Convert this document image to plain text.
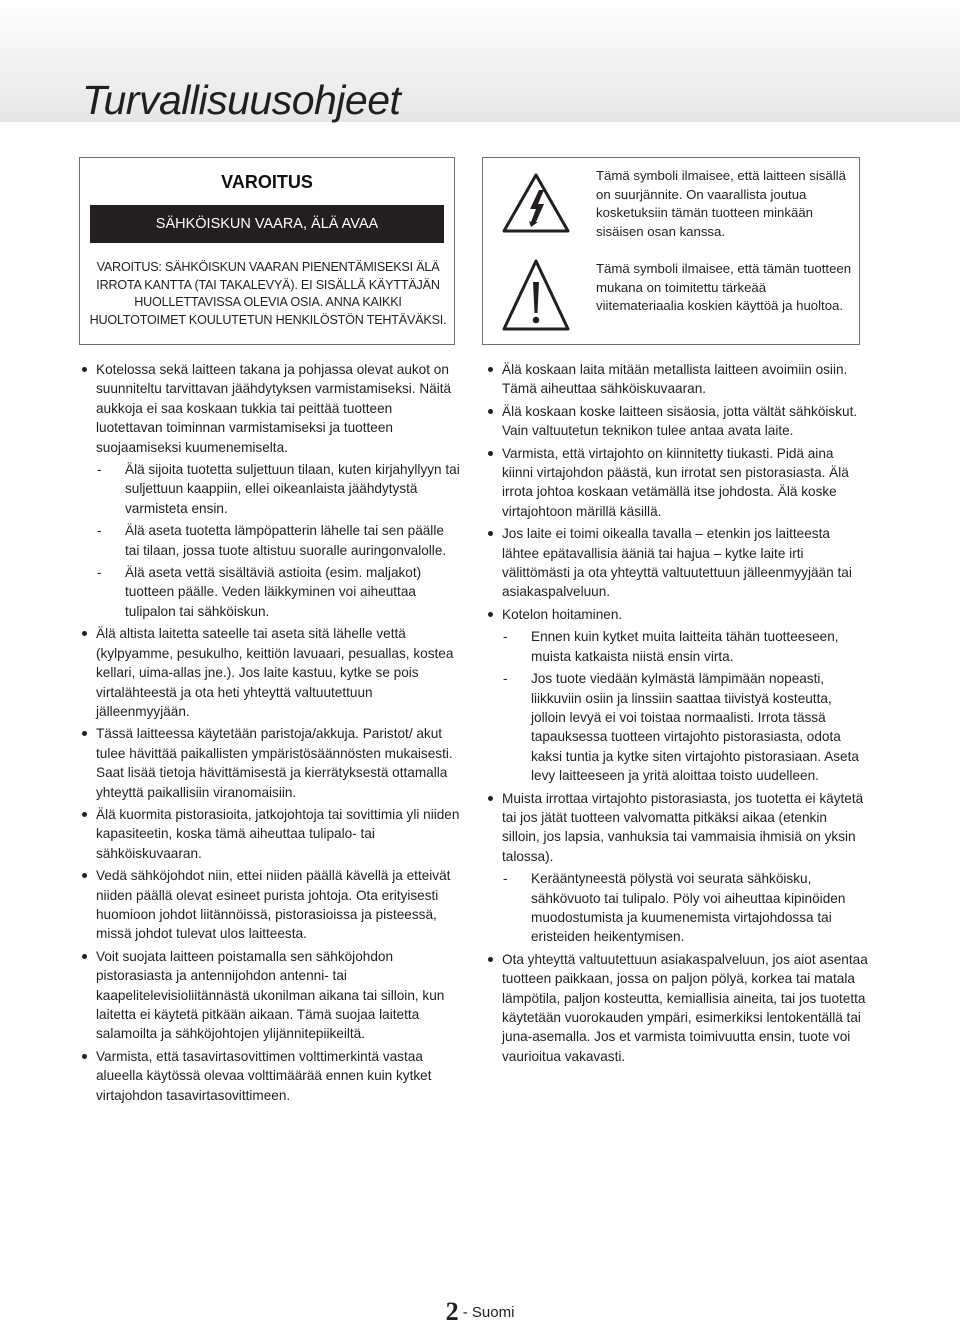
Turvallisuusohjeet
VAROITUS
SÄHKÖISKUN VAARA, ÄLÄ AVAA
VAROITUS: SÄHKÖISKUN VAARAN PIENENTÄMISEKSI ÄLÄ IRROTA KANTTA (TAI TAKALEVYÄ). EI SISÄLLÄ KÄYTTÄJÄN HUOLLETTAVISSA OLEVIA OSIA. ANNA KAIKKI HUOLTOTOIMET KOULUTETUN HENKILÖSTÖN TEHTÄVÄKSI.
Tämä symboli ilmaisee, että laitteen sisällä on suurjännite. On vaarallista joutua kosketuksiin tämän tuotteen minkään sisäisen osan kanssa.
Tämä symboli ilmaisee, että tämän tuotteen mukana on toimitettu tärkeää viitemateriaalia koskien käyttöä ja huoltoa.
Kotelossa sekä laitteen takana ja pohjassa olevat aukot on suunniteltu tarvittavan jäähdytyksen varmistamiseksi. Näitä aukkoja ei saa koskaan tukkia tai peittää tuotteen luotettavan toiminnan varmistamiseksi ja tuotteen suojaamiseksi kuumenemiselta.
- Älä sijoita tuotetta suljettuun tilaan, kuten kirjahyllyyn tai suljettuun kaappiin, ellei oikeanlaista jäähdytystä varmisteta ensin.
- Älä aseta tuotetta lämpöpatterin lähelle tai sen päälle tai tilaan, jossa tuote altistuu suoralle auringonvalolle.
- Älä aseta vettä sisältäviä astioita (esim. maljakot) tuotteen päälle. Veden läikkyminen voi aiheuttaa tulipalon tai sähköiskun.
Älä altista laitetta sateelle tai aseta sitä lähelle vettä (kylpyamme, pesukulho, keittiön lavuaari, pesuallas, kostea kellari, uima-allas jne.). Jos laite kastuu, kytke se pois virtalähteestä ja ota heti yhteyttä valtuutettuun jälleenmyyjään.
Tässä laitteessa käytetään paristoja/akkuja. Paristot/ akut tulee hävittää paikallisten ympäristösäännösten mukaisesti. Saat lisää tietoja hävittämisestä ja kierrätyksestä ottamalla yhteyttä paikallisiin viranomaisiin.
Älä kuormita pistorasioita, jatkojohtoja tai sovittimia yli niiden kapasiteetin, koska tämä aiheuttaa tulipalo- tai sähköiskuvaaran.
Vedä sähköjohdot niin, ettei niiden päällä kävellä ja etteivät niiden päällä olevat esineet purista johtoja. Ota erityisesti huomioon johdot liitännöissä, pistorasioissa ja pisteessä, missä johdot tulevat ulos laitteesta.
Voit suojata laitteen poistamalla sen sähköjohdon pistorasiasta ja antennijohdon antenni- tai kaapelitelevisioliitännästä ukonilman aikana tai silloin, kun laitetta ei käytetä pitkään aikaan. Tämä suojaa laitetta salamoilta ja sähköjohtojen ylijännitepiikeiltä.
Varmista, että tasavirtasovittimen volttimerkintä vastaa alueella käytössä olevaa volttimäärää ennen kuin kytket virtajohdon tasavirtasovittimeen.
Älä koskaan laita mitään metallista laitteen avoimiin osiin. Tämä aiheuttaa sähköiskuvaaran.
Älä koskaan koske laitteen sisäosia, jotta vältät sähköiskut. Vain valtuutetun teknikon tulee antaa avata laite.
Varmista, että virtajohto on kiinnitetty tiukasti. Pidä aina kiinni virtajohdon päästä, kun irrotat sen pistorasiasta. Älä irrota johtoa koskaan vetämällä itse johdosta. Älä koske virtajohtoon märillä käsillä.
Jos laite ei toimi oikealla tavalla – etenkin jos laitteesta lähtee epätavallisia ääniä tai hajua – kytke laite irti välittömästi ja ota yhteyttä valtuutettuun jälleenmyyjään tai asiakaspalveluun.
Kotelon hoitaminen.
- Ennen kuin kytket muita laitteita tähän tuotteeseen, muista katkaista niistä ensin virta.
- Jos tuote viedään kylmästä lämpimään nopeasti, liikkuviin osiin ja linssiin saattaa tiivistyä kosteutta, jolloin levyä ei voi toistaa normaalisti. Irrota tässä tapauksessa tuotteen virtajohto pistorasiasta, odota kaksi tuntia ja kytke siten virtajohto pistorasiaan. Aseta levy laitteeseen ja yritä aloittaa toisto uudelleen.
Muista irrottaa virtajohto pistorasiasta, jos tuotetta ei käytetä tai jos jätät tuotteen valvomatta pitkäksi aikaa (etenkin silloin, jos lapsia, vanhuksia tai vammaisia ihmisiä on yksin talossa).
- Kerääntyneestä pölystä voi seurata sähköisku, sähkövuoto tai tulipalo. Pöly voi aiheuttaa kipinöiden muodostumista ja kuumenemista virtajohdossa tai eristeiden heikentymisen.
Ota yhteyttä valtuutettuun asiakaspalveluun, jos aiot asentaa tuotteen paikkaan, jossa on paljon pölyä, korkea tai matala lämpötila, paljon kosteutta, kemiallisia aineita, tai jos tuotetta käytetään vuorokauden ympäri, esimerkiksi lentokentällä tai juna-asemalla. Jos et varmista toimivuutta ensin, tuote voi vaurioitua vakavasti.
2 - Suomi
